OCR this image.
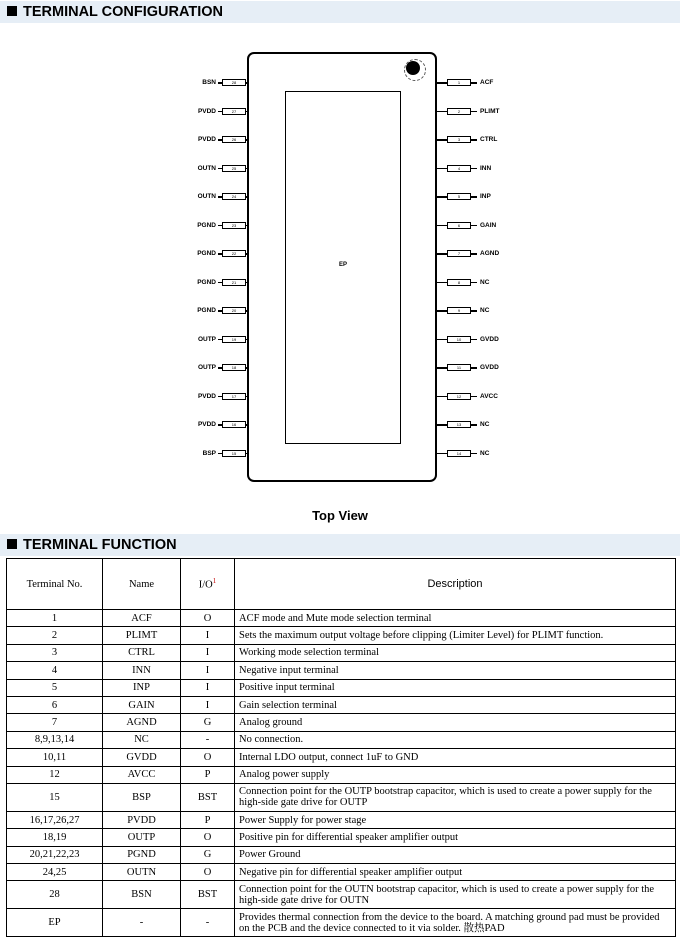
TERMINAL CONFIGURATION
EP
BSN	28
PVDD	27
PVDD	26
OUTN	25
OUTN	24
PGND	23
PGND	22
PGND	21
PGND	20
OUTP	19
OUTP	18
PVDD	17
PVDD	16
BSP	15
1	ACF
2	PLIMT
3	CTRL
4	INN
5	INP
6	GAIN
7	AGND
8	NC
9	NC
10	GVDD
11	GVDD
12	AVCC
13	NC
14	NC
Top View
TERMINAL FUNCTION
Terminal No.	Name	$I/O^1$	Description
1	ACF	O	ACF mode and Mute mode selection terminal
2	PLIMT	I	Sets the maximum output voltage before clipping (Limiter Level) for PLIMT function.
3	CTRL	I	Working mode selection terminal
4	INN	I	Negative input terminal
5	INP	I	Positive input terminal
6	GAIN	I	Gain selection terminal
7	AGND	G	Analog ground
8,9,13,14	NC	-	No connection.
10,11	GVDD	O	Internal LDO output, connect 1uF to GND
12	AVCC	P	Analog power supply
15	BSP	BST	Connection point for the OUTP bootstrap capacitor, which is used to create a power supply for the high-side gate drive for OUTP
16,17,26,27	PVDD	P	Power Supply for power stage
18,19	OUTP	O	Positive pin for differential speaker amplifier output
20,21,22,23	PGND	G	Power Ground
24,25	OUTN	O	Negative pin for differential speaker amplifier output
28	BSN	BST	Connection point for the OUTN bootstrap capacitor, which is used to create a power supply for the high-side gate drive for OUTN
EP	-	-	Provides thermal connection from the device to the board. A matching ground pad must be provided on the PCB and the device connected to it via solder. 散热PAD
